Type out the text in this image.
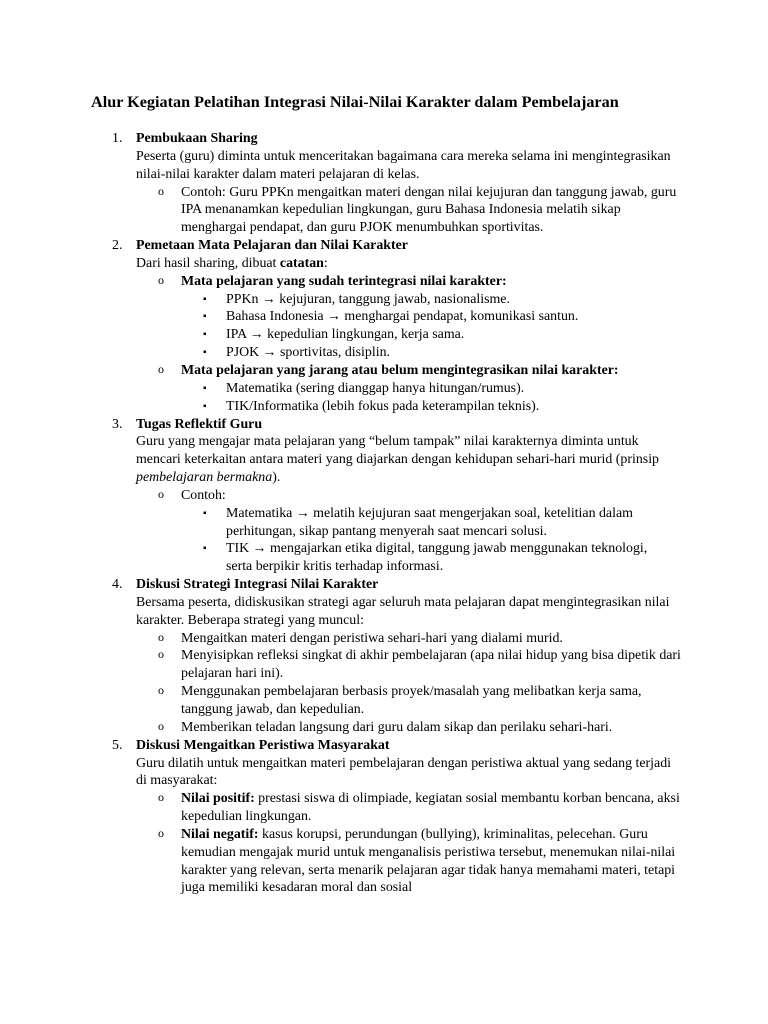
Alur Kegiatan Pelatihan Integrasi Nilai-Nilai Karakter dalam Pembelajaran
1. Pembukaan Sharing
Peserta (guru) diminta untuk menceritakan bagaimana cara mereka selama ini mengintegrasikan nilai-nilai karakter dalam materi pelajaran di kelas.
o Contoh: Guru PPKn mengaitkan materi dengan nilai kejujuran dan tanggung jawab, guru IPA menanamkan kepedulian lingkungan, guru Bahasa Indonesia melatih sikap menghargai pendapat, dan guru PJOK menumbuhkan sportivitas.
2. Pemetaan Mata Pelajaran dan Nilai Karakter
Dari hasil sharing, dibuat catatan:
o Mata pelajaran yang sudah terintegrasi nilai karakter:
▪ PPKn → kejujuran, tanggung jawab, nasionalisme.
▪ Bahasa Indonesia → menghargai pendapat, komunikasi santun.
▪ IPA → kepedulian lingkungan, kerja sama.
▪ PJOK → sportivitas, disiplin.
o Mata pelajaran yang jarang atau belum mengintegrasikan nilai karakter:
▪ Matematika (sering dianggap hanya hitungan/rumus).
▪ TIK/Informatika (lebih fokus pada keterampilan teknis).
3. Tugas Reflektif Guru
Guru yang mengajar mata pelajaran yang “belum tampak” nilai karakternya diminta untuk mencari keterkaitan antara materi yang diajarkan dengan kehidupan sehari-hari murid (prinsip pembelajaran bermakna).
o Contoh:
▪ Matematika → melatih kejujuran saat mengerjakan soal, ketelitian dalam perhitungan, sikap pantang menyerah saat mencari solusi.
▪ TIK → mengajarkan etika digital, tanggung jawab menggunakan teknologi, serta berpikir kritis terhadap informasi.
4. Diskusi Strategi Integrasi Nilai Karakter
Bersama peserta, didiskusikan strategi agar seluruh mata pelajaran dapat mengintegrasikan nilai karakter. Beberapa strategi yang muncul:
o Mengaitkan materi dengan peristiwa sehari-hari yang dialami murid.
o Menyisipkan refleksi singkat di akhir pembelajaran (apa nilai hidup yang bisa dipetik dari pelajaran hari ini).
o Menggunakan pembelajaran berbasis proyek/masalah yang melibatkan kerja sama, tanggung jawab, dan kepedulian.
o Memberikan teladan langsung dari guru dalam sikap dan perilaku sehari-hari.
5. Diskusi Mengaitkan Peristiwa Masyarakat
Guru dilatih untuk mengaitkan materi pembelajaran dengan peristiwa aktual yang sedang terjadi di masyarakat:
o Nilai positif: prestasi siswa di olimpiade, kegiatan sosial membantu korban bencana, aksi kepedulian lingkungan.
o Nilai negatif: kasus korupsi, perundungan (bullying), kriminalitas, pelecehan. Guru kemudian mengajak murid untuk menganalisis peristiwa tersebut, menemukan nilai-nilai karakter yang relevan, serta menarik pelajaran agar tidak hanya memahami materi, tetapi juga memiliki kesadaran moral dan sosial
